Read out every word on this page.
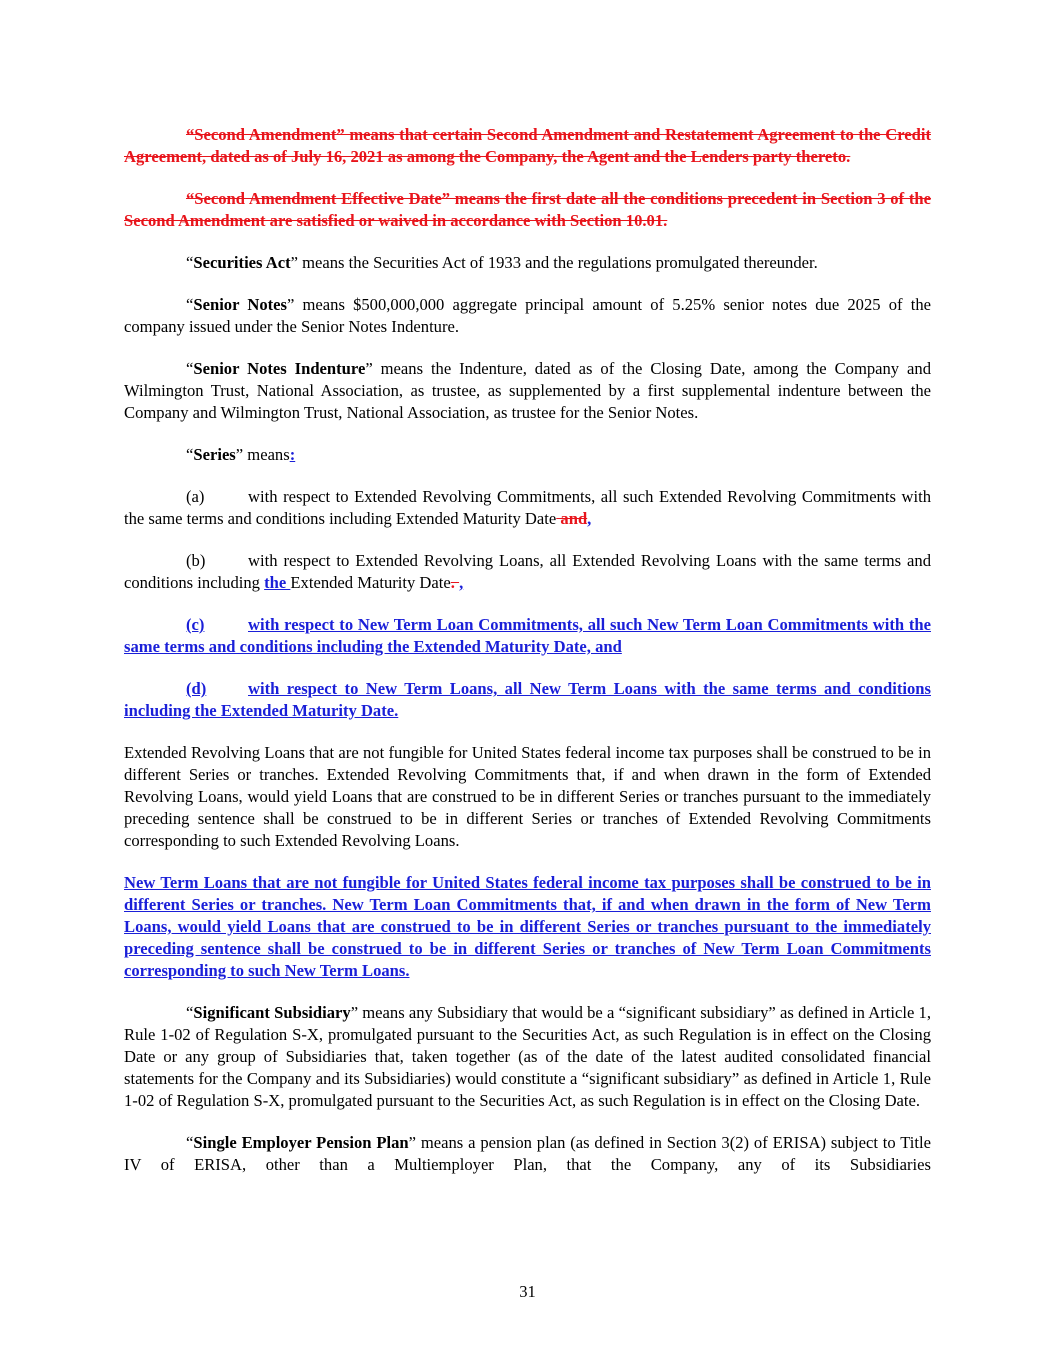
“Second Amendment” means that certain Second Amendment and Restatement Agreement to the Credit Agreement, dated as of July 16, 2021 as among the Company, the Agent and the Lenders party thereto.

“Second Amendment Effective Date” means the first date all the conditions precedent in Section 3 of the Second Amendment are satisfied or waived in accordance with Section 10.01.

“Securities Act” means the Securities Act of 1933 and the regulations promulgated thereunder.

“Senior Notes” means $500,000,000 aggregate principal amount of 5.25% senior notes due 2025 of the company issued under the Senior Notes Indenture.

“Senior Notes Indenture” means the Indenture, dated as of the Closing Date, among the Company and Wilmington Trust, National Association, as trustee, as supplemented by a first supplemental indenture between the Company and Wilmington Trust, National Association, as trustee for the Senior Notes.

“Series” means:

(a)	with respect to Extended Revolving Commitments, all such Extended Revolving Commitments with the same terms and conditions including Extended Maturity Date and,

(b)	with respect to Extended Revolving Loans, all Extended Revolving Loans with the same terms and conditions including the Extended Maturity Date. ,

(c)	with respect to New Term Loan Commitments, all such New Term Loan Commitments with the same terms and conditions including the Extended Maturity Date, and

(d)	with respect to New Term Loans, all New Term Loans with the same terms and conditions including the Extended Maturity Date.

Extended Revolving Loans that are not fungible for United States federal income tax purposes shall be construed to be in different Series or tranches. Extended Revolving Commitments that, if and when drawn in the form of Extended Revolving Loans, would yield Loans that are construed to be in different Series or tranches pursuant to the immediately preceding sentence shall be construed to be in different Series or tranches of Extended Revolving Commitments corresponding to such Extended Revolving Loans.

New Term Loans that are not fungible for United States federal income tax purposes shall be construed to be in different Series or tranches. New Term Loan Commitments that, if and when drawn in the form of New Term Loans, would yield Loans that are construed to be in different Series or tranches pursuant to the immediately preceding sentence shall be construed to be in different Series or tranches of New Term Loan Commitments corresponding to such New Term Loans.

“Significant Subsidiary” means any Subsidiary that would be a “significant subsidiary” as defined in Article 1, Rule 1-02 of Regulation S-X, promulgated pursuant to the Securities Act, as such Regulation is in effect on the Closing Date or any group of Subsidiaries that, taken together (as of the date of the latest audited consolidated financial statements for the Company and its Subsidiaries) would constitute a “significant subsidiary” as defined in Article 1, Rule 1-02 of Regulation S-X, promulgated pursuant to the Securities Act, as such Regulation is in effect on the Closing Date.

“Single Employer Pension Plan” means a pension plan (as defined in Section 3(2) of ERISA) subject to Title IV of ERISA, other than a Multiemployer Plan, that the Company, any of its Subsidiaries

31
